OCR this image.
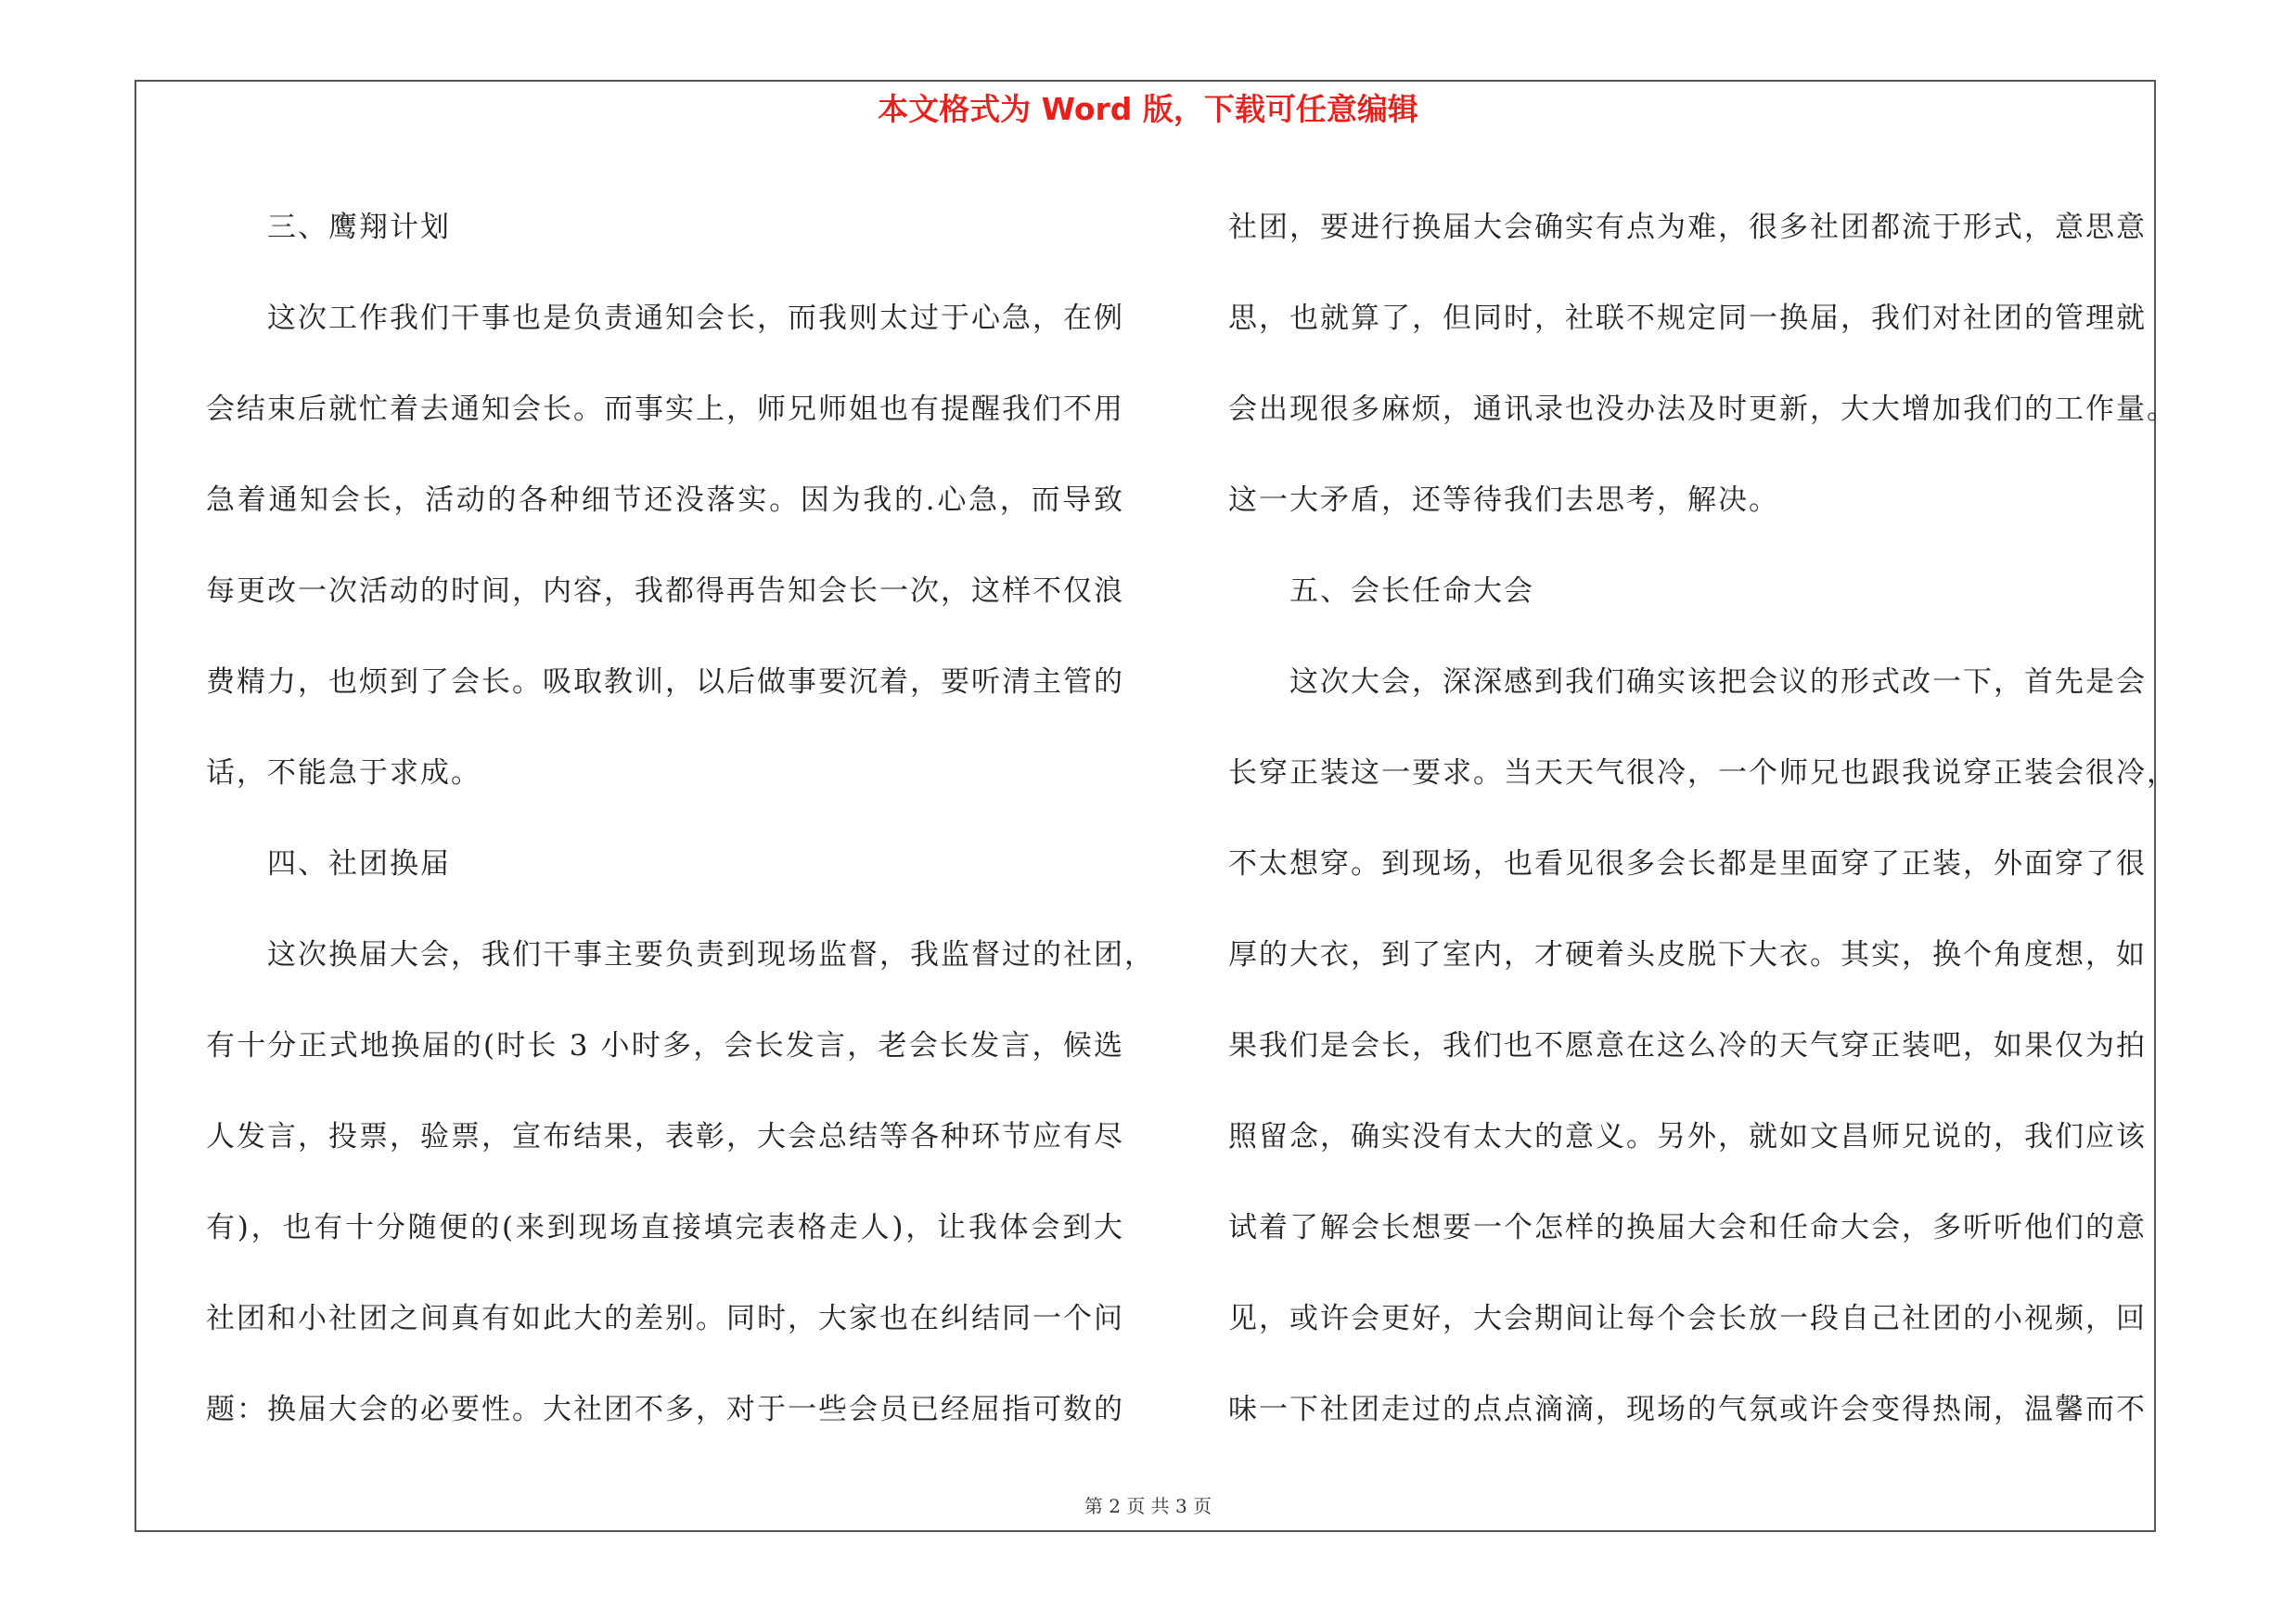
本文格式为 Word 版，下载可任意编辑
三、鹰翔计划
这次工作我们干事也是负责通知会长，而我则太过于心急，在例
会结束后就忙着去通知会长。而事实上，师兄师姐也有提醒我们不用
急着通知会长，活动的各种细节还没落实。因为我的.心急，而导致
每更改一次活动的时间，内容，我都得再告知会长一次，这样不仅浪
费精力，也烦到了会长。吸取教训，以后做事要沉着，要听清主管的
话，不能急于求成。
四、社团换届
这次换届大会，我们干事主要负责到现场监督，我监督过的社团，
有十分正式地换届的(时长 3 小时多，会长发言，老会长发言，候选
人发言，投票，验票，宣布结果，表彰，大会总结等各种环节应有尽
有)，也有十分随便的(来到现场直接填完表格走人)，让我体会到大
社团和小社团之间真有如此大的差别。同时，大家也在纠结同一个问
题：换届大会的必要性。大社团不多，对于一些会员已经屈指可数的
社团，要进行换届大会确实有点为难，很多社团都流于形式，意思意
思，也就算了，但同时，社联不规定同一换届，我们对社团的管理就
会出现很多麻烦，通讯录也没办法及时更新，大大增加我们的工作量。
这一大矛盾，还等待我们去思考，解决。
五、会长任命大会
这次大会，深深感到我们确实该把会议的形式改一下，首先是会
长穿正装这一要求。当天天气很冷，一个师兄也跟我说穿正装会很冷，
不太想穿。到现场，也看见很多会长都是里面穿了正装，外面穿了很
厚的大衣，到了室内，才硬着头皮脱下大衣。其实，换个角度想，如
果我们是会长，我们也不愿意在这么冷的天气穿正装吧，如果仅为拍
照留念，确实没有太大的意义。另外，就如文昌师兄说的，我们应该
试着了解会长想要一个怎样的换届大会和任命大会，多听听他们的意
见，或许会更好，大会期间让每个会长放一段自己社团的小视频，回
味一下社团走过的点点滴滴，现场的气氛或许会变得热闹，温馨而不
第 2 页 共 3 页
